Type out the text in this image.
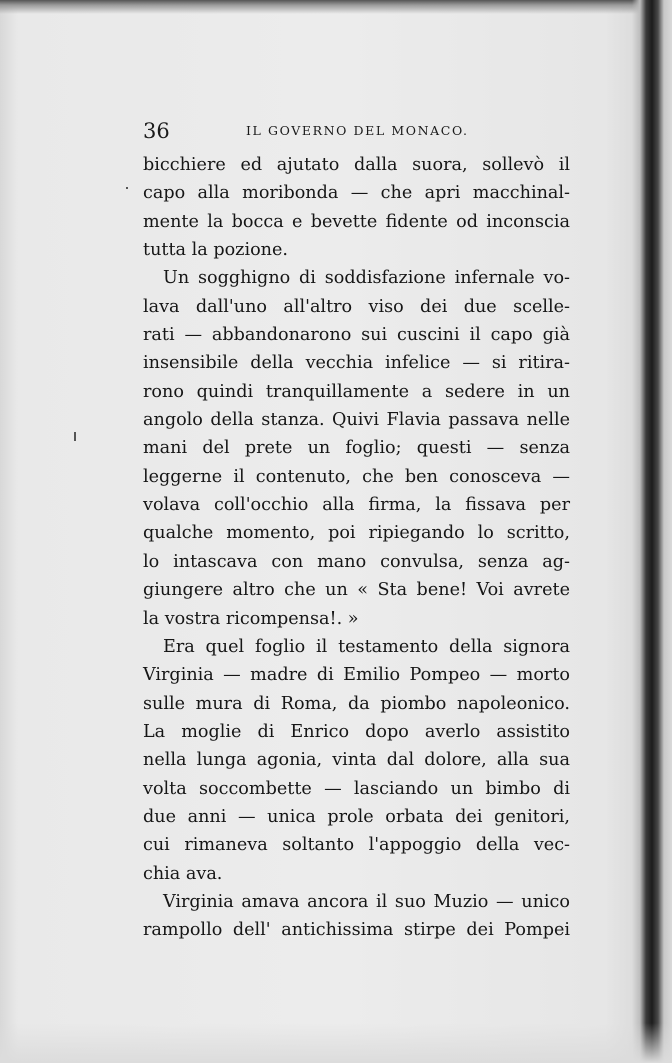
36	IL GOVERNO DEL MONACO.
bicchiere ed ajutato dalla suora, sollevò il
capo alla moribonda — che apri macchinal-
mente la bocca e bevette fidente od inconscia
tutta la pozione.
Un sogghigno di soddisfazione infernale vo-
lava dall'uno all'altro viso dei due scelle-
rati — abbandonarono sui cuscini il capo già
insensibile della vecchia infelice — si ritira-
rono quindi tranquillamente a sedere in un
angolo della stanza. Quivi Flavia passava nelle
mani del prete un foglio; questi — senza
leggerne il contenuto, che ben conosceva —
volava coll'occhio alla firma, la fissava per
qualche momento, poi ripiegando lo scritto,
lo intascava con mano convulsa, senza ag-
giungere altro che un « Sta bene! Voi avrete
la vostra ricompensa!. »
Era quel foglio il testamento della signora
Virginia — madre di Emilio Pompeo — morto
sulle mura di Roma, da piombo napoleonico.
La moglie di Enrico dopo averlo assistito
nella lunga agonia, vinta dal dolore, alla sua
volta soccombette — lasciando un bimbo di
due anni — unica prole orbata dei genitori,
cui rimaneva soltanto l'appoggio della vec-
chia ava.
Virginia amava ancora il suo Muzio — unico
rampollo dell' antichissima stirpe dei Pompei
